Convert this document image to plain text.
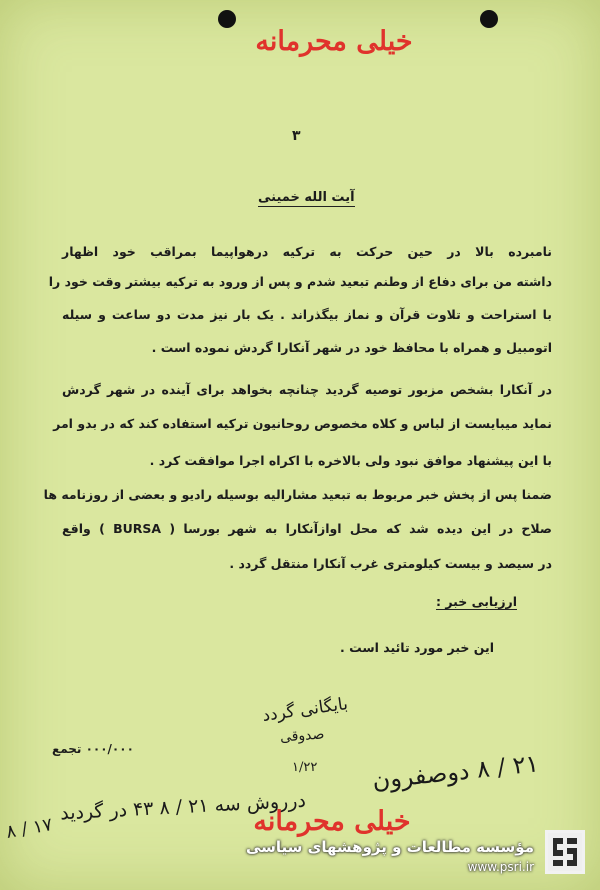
خیلی محرمانه
۳
آیت الله خمینی
نامبرده بالا در حین حرکت به ترکیه درهواپیما بمراقب خود اظهار
داشته من برای دفاع از وطنم تبعید شدم و پس از ورود به ترکیه بیشتر وقت خود را
با استراحت و تلاوت قرآن و نماز بیگذراند . یک بار نیز مدت دو ساعت و سیله
اتومبیل و همراه با محافظ خود در شهر آنکارا گردش نموده است .
در آنکارا بشخص مزبور توصیه گردید چنانچه بخواهد برای آینده در شهر گردش
نماید میبایست از لباس و کلاه مخصوص روحانیون ترکیه استفاده کند که در بدو امر
با این پیشنهاد موافق نبود ولی بالاخره با اکراه اجرا موافقت کرد .
ضمنا پس از پخش خبر مربوط به تبعید مشارالیه بوسیله رادیو و بعضی از روزنامه ها
صلاح در این دیده شد که محل اوازآنکارا به شهر بورسا ( BURSA ) واقع
در سیصد و بیست کیلومتری غرب آنکارا منتقل گردد .
ارزیابی خبر :
این خبر مورد تائید است .
۰۰۰/۰۰۰ تجمع
بایگانی گردد
صدوقی
۱/۲۲ ۲۱ / ۸ دوصفرون
درروش سه ۲۱ / ۸ ۴۳ در گردید
۱۷ / ۸	خیلی محرمانه
مؤسسه مطالعات و پژوهشهای سیاسی
www.psri.ir
